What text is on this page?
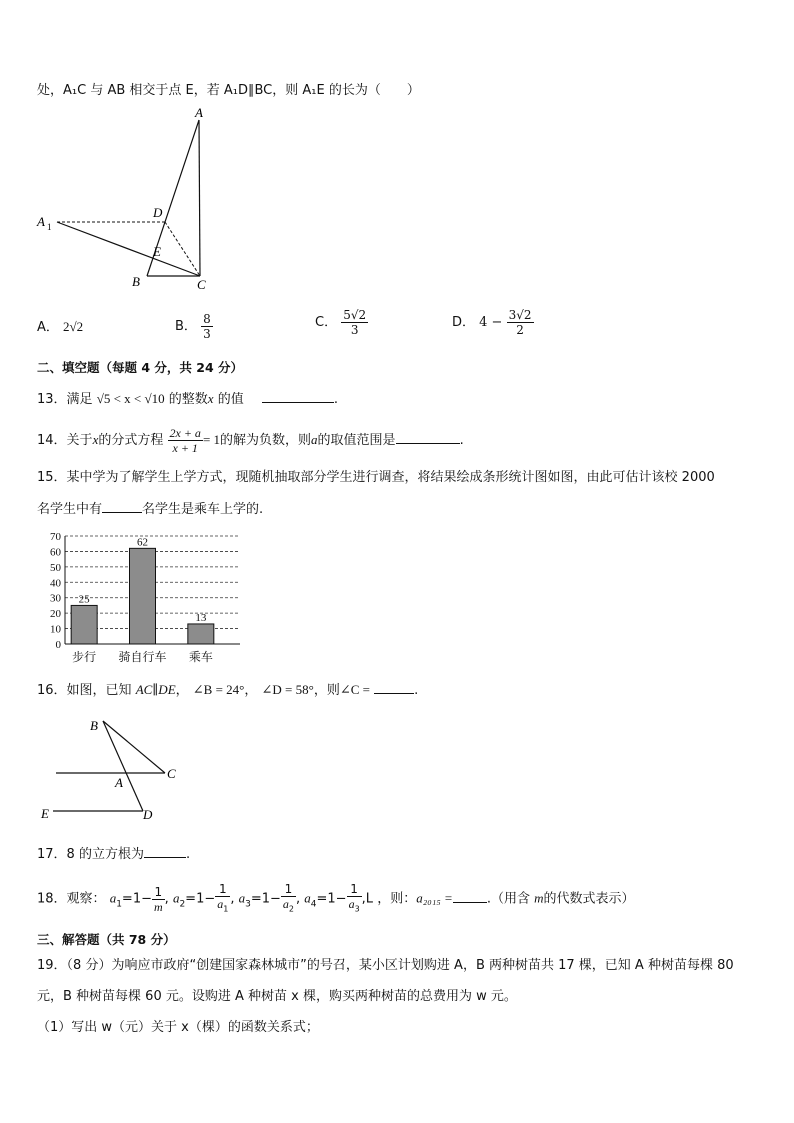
处，A₁C 与 AB 相交于点 E，若 A₁D∥BC，则 A₁E 的长为（　　）
A
A 1
D
E
B	C
A． 2√2	B． $\frac{8}{3}$	C． $\frac{5√2}{3}$	D． $4 - \frac{3√2}{2}$
二、填空题（每题 4 分，共 24 分）
13．满足 √5 < x < √10 的整数x 的值	.
14．关于x的分式方程 $\frac{2x + a}{x + 1} = 1$的解为负数，则a的取值范围是	.
15．某中学为了解学生上学方式，现随机抽取部分学生进行调查，将结果绘成条形统计图如图，由此可估计该校 2000
名学生中有	名学生是乘车上学的.
0
10
20
30
40
50
60
70
25
步行
62
骑自行车
13
乘车
16．如图，已知 AC∥DE， ∠B = 24°， ∠D = 58°，则∠C =	.
B
A
C
E	D
17．8 的立方根为	.
18．观察： $a_1=1- \frac{1}{m}$ , $a_2=1- \frac{1}{a_1}$ , $a_3=1- \frac{1}{a_2}$ , $a_4=1- \frac{1}{a_3} ,L$ ，则：a₂₀₁₅ =	.（用含 m的代数式表示）
三、解答题（共 78 分）
19．（8 分）为响应市政府“创建国家森林城市”的号召，某小区计划购进 A，B 两种树苗共 17 棵，已知 A 种树苗每棵 80
元，B 种树苗每棵 60 元。设购进 A 种树苗 x 棵，购买两种树苗的总费用为 w 元。
（1）写出 w（元）关于 x（棵）的函数关系式；
